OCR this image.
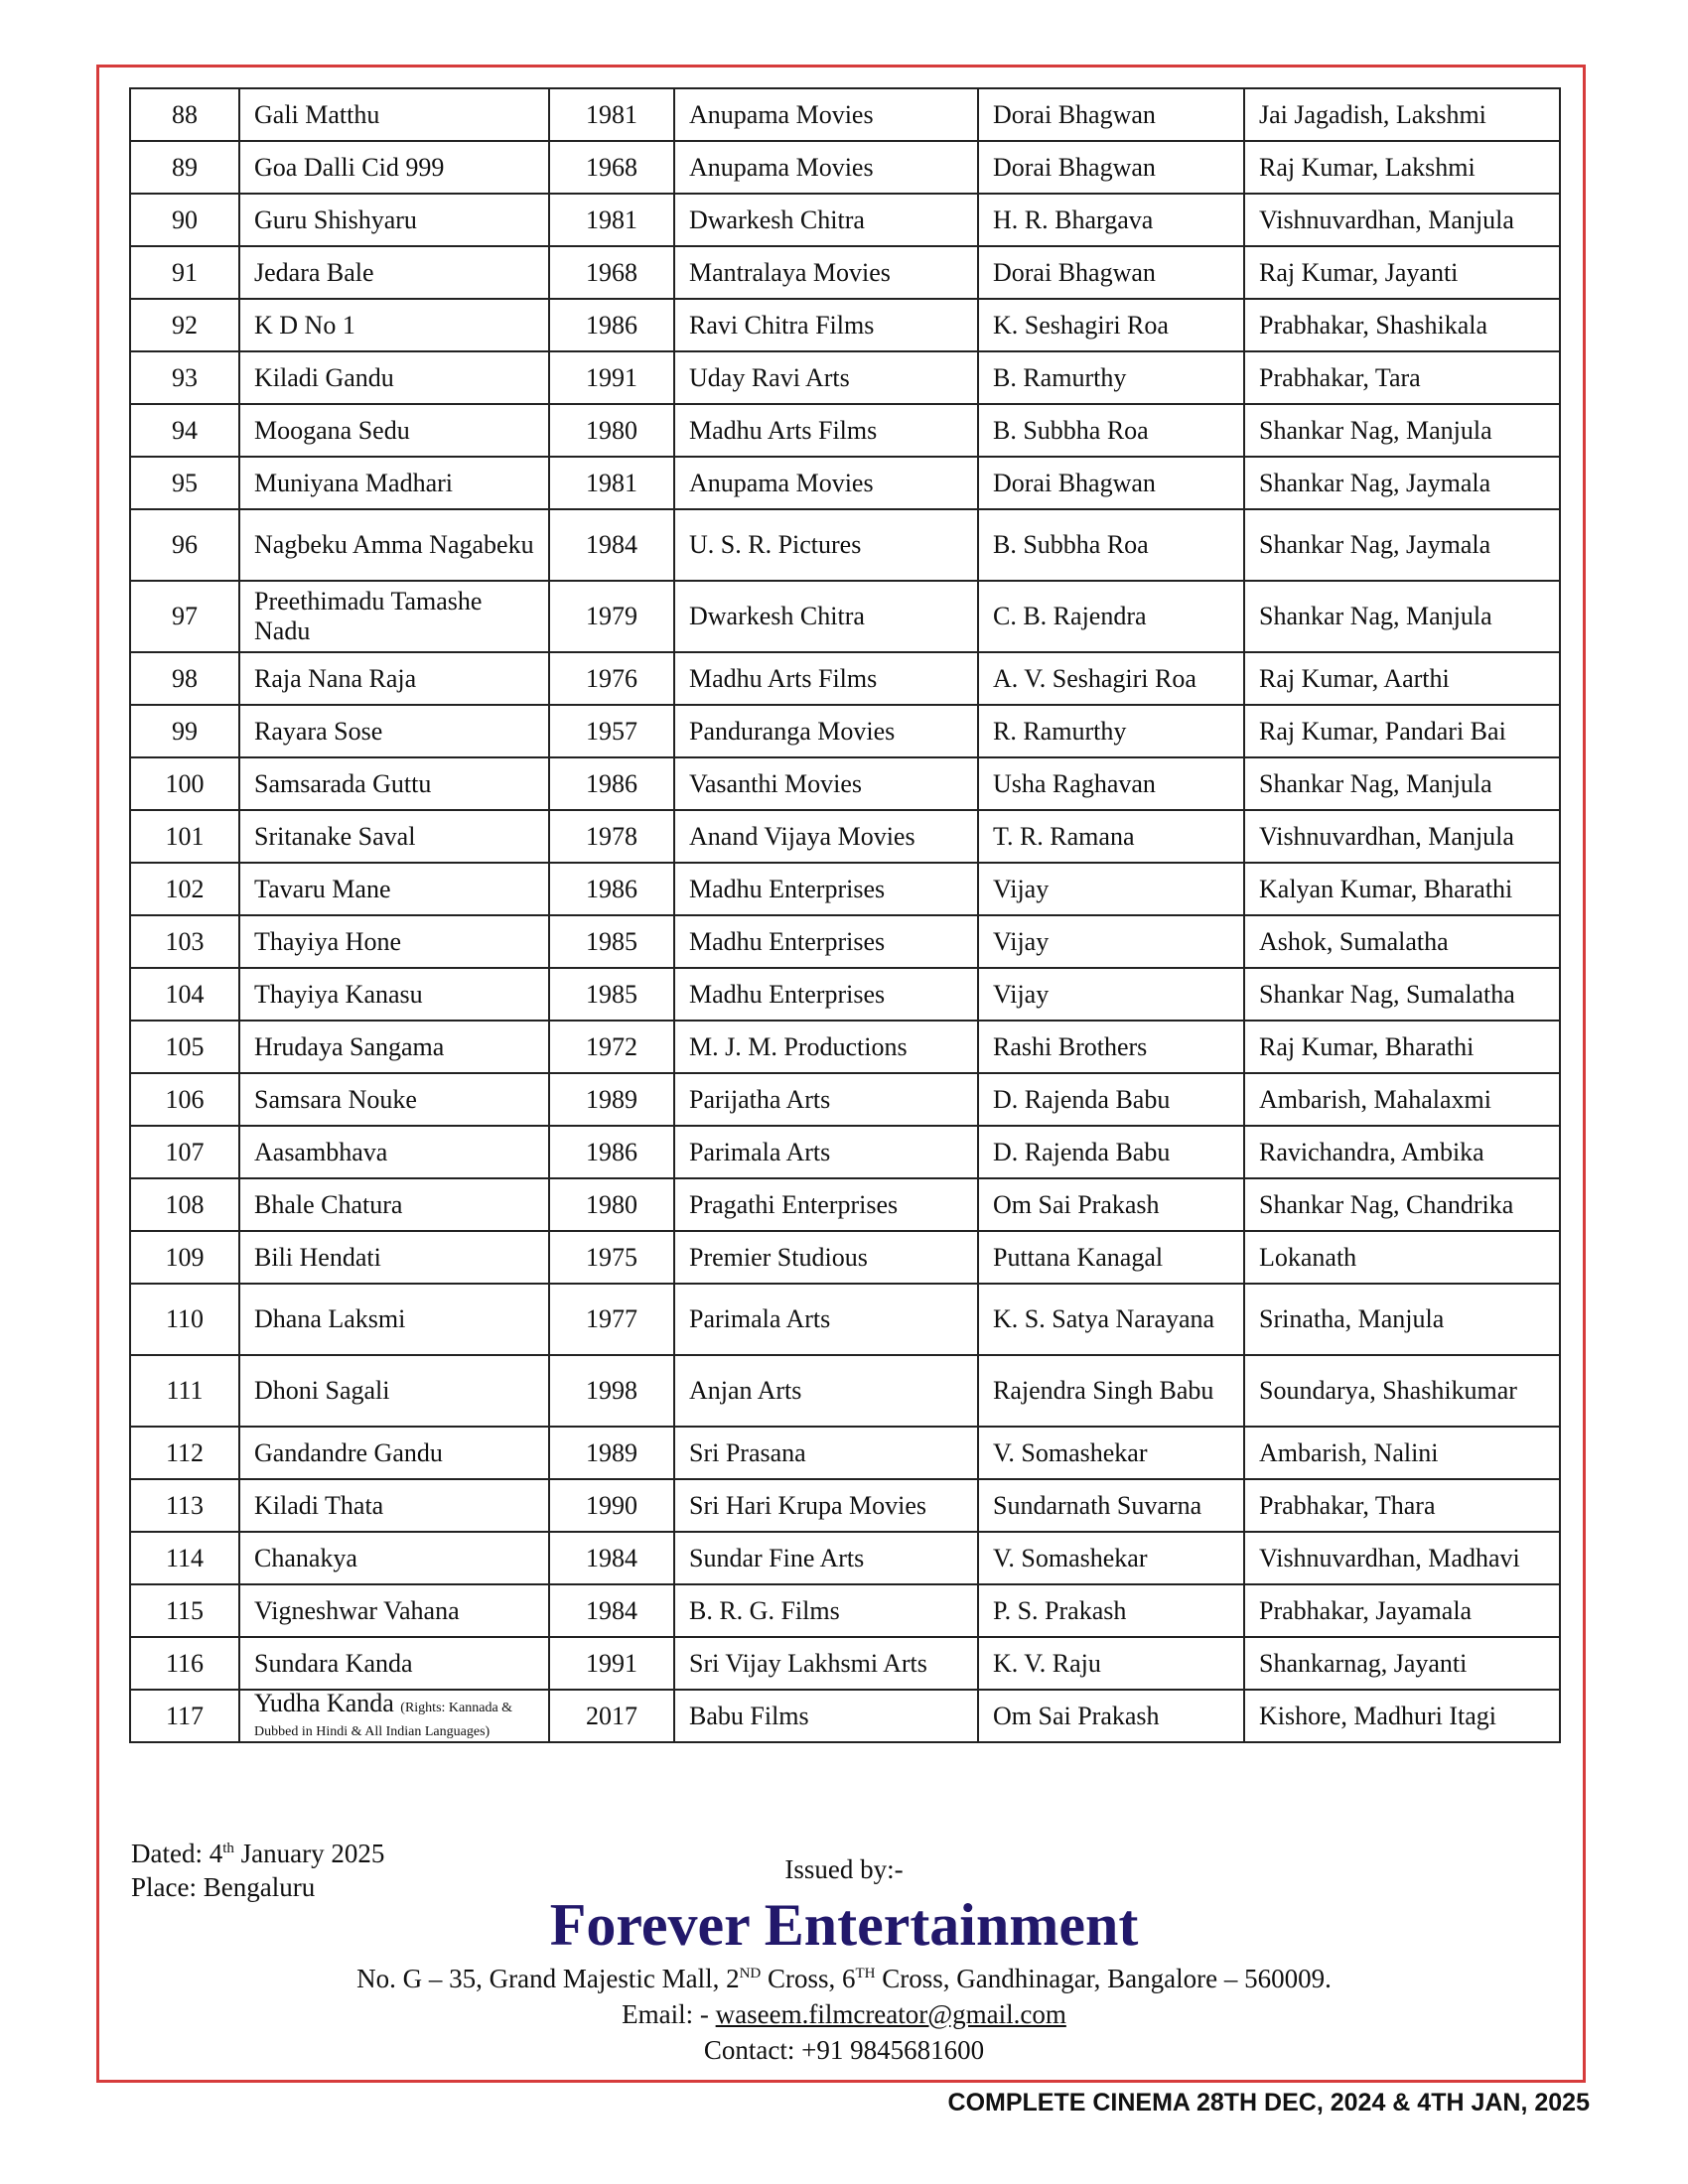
88	Gali Matthu	1981	Anupama Movies	Dorai Bhagwan	Jai Jagadish, Lakshmi
89	Goa Dalli Cid 999	1968	Anupama Movies	Dorai Bhagwan	Raj Kumar, Lakshmi
90	Guru Shishyaru	1981	Dwarkesh Chitra	H. R. Bhargava	Vishnuvardhan, Manjula
91	Jedara Bale	1968	Mantralaya Movies	Dorai Bhagwan	Raj Kumar, Jayanti
92	K D No 1	1986	Ravi Chitra Films	K. Seshagiri Roa	Prabhakar, Shashikala
93	Kiladi Gandu	1991	Uday Ravi Arts	B. Ramurthy	Prabhakar, Tara
94	Moogana Sedu	1980	Madhu Arts Films	B. Subbha Roa	Shankar Nag, Manjula
95	Muniyana Madhari	1981	Anupama Movies	Dorai Bhagwan	Shankar Nag, Jaymala
96	Nagbeku Amma Nagabeku	1984	U. S. R. Pictures	B. Subbha Roa	Shankar Nag, Jaymala
97	Preethimadu Tamashe Nadu	1979	Dwarkesh Chitra	C. B. Rajendra	Shankar Nag, Manjula
98	Raja Nana Raja	1976	Madhu Arts Films	A. V. Seshagiri Roa	Raj Kumar, Aarthi
99	Rayara Sose	1957	Panduranga Movies	R. Ramurthy	Raj Kumar, Pandari Bai
100	Samsarada Guttu	1986	Vasanthi Movies	Usha Raghavan	Shankar Nag, Manjula
101	Sritanake Saval	1978	Anand Vijaya Movies	T. R. Ramana	Vishnuvardhan, Manjula
102	Tavaru Mane	1986	Madhu Enterprises	Vijay	Kalyan Kumar, Bharathi
103	Thayiya Hone	1985	Madhu Enterprises	Vijay	Ashok, Sumalatha
104	Thayiya Kanasu	1985	Madhu Enterprises	Vijay	Shankar Nag, Sumalatha
105	Hrudaya Sangama	1972	M. J. M. Productions	Rashi Brothers	Raj Kumar, Bharathi
106	Samsara Nouke	1989	Parijatha Arts	D. Rajenda Babu	Ambarish, Mahalaxmi
107	Aasambhava	1986	Parimala Arts	D. Rajenda Babu	Ravichandra, Ambika
108	Bhale Chatura	1980	Pragathi Enterprises	Om Sai Prakash	Shankar Nag, Chandrika
109	Bili Hendati	1975	Premier Studious	Puttana Kanagal	Lokanath
110	Dhana Laksmi	1977	Parimala Arts	K. S. Satya Narayana	Srinatha, Manjula
111	Dhoni Sagali	1998	Anjan Arts	Rajendra Singh Babu	Soundarya, Shashikumar
112	Gandandre Gandu	1989	Sri Prasana	V. Somashekar	Ambarish, Nalini
113	Kiladi Thata	1990	Sri Hari Krupa Movies	Sundarnath Suvarna	Prabhakar, Thara
114	Chanakya	1984	Sundar Fine Arts	V. Somashekar	Vishnuvardhan, Madhavi
115	Vigneshwar Vahana	1984	B. R. G. Films	P. S. Prakash	Prabhakar, Jayamala
116	Sundara Kanda	1991	Sri Vijay Lakhsmi Arts	K. V. Raju	Shankarnag, Jayanti
117	Yudha Kanda (Rights: Kannada & Dubbed in Hindi & All Indian Languages)	2017	Babu Films	Om Sai Prakash	Kishore, Madhuri Itagi
Dated: 4th January 2025
Place: Bengaluru
Issued by:-
Forever Entertainment
No. G – 35, Grand Majestic Mall, 2ND Cross, 6TH Cross, Gandhinagar, Bangalore – 560009.
Email: - waseem.filmcreator@gmail.com
Contact: +91 9845681600
COMPLETE CINEMA 28TH DEC, 2024 & 4TH JAN, 2025
